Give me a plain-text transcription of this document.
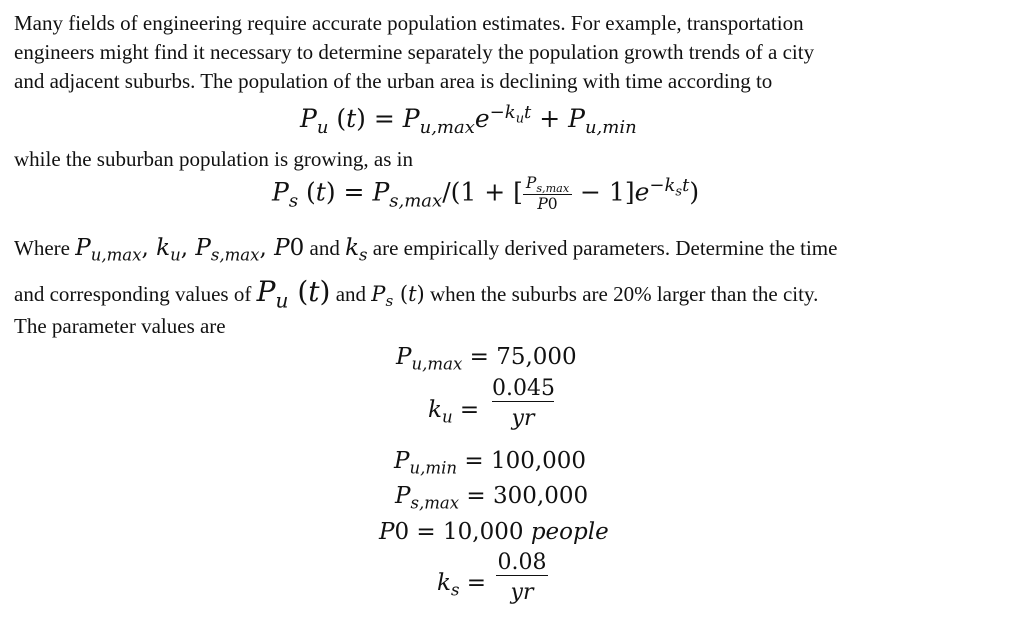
Many fields of engineering require accurate population estimates. For example, transportation
engineers might find it necessary to determine separately the population growth trends of a city
and adjacent suburbs. The population of the urban area is declining with time according to
$P_u$ $(t) = P_{u,max}e^{-k_ut} + P_{u,min}$
while the suburban population is growing, as in
$P_s$ $(t) = P_{s,max}/(1$ + [ $\frac{P_{s,max}}{P0} - 1]e^{-k_st}$)
Where $P_{u,max}$, $k_u$, $P_{s,max}$, P0 and $k_s$ are empirically derived parameters. Determine the time
and corresponding values of $P_u$ (t) and $P_s$ (t) when the suburbs are 20% larger than the city.
The parameter values are
$P_{u,max} = 75,000$
$k_u = \frac{0.045}{yr}$
$P_{u,min} = 100,000$
$P_{s,max} = 300,000$
P0 = 10,000 people
$k_s = \frac{0.08}{yr}$
